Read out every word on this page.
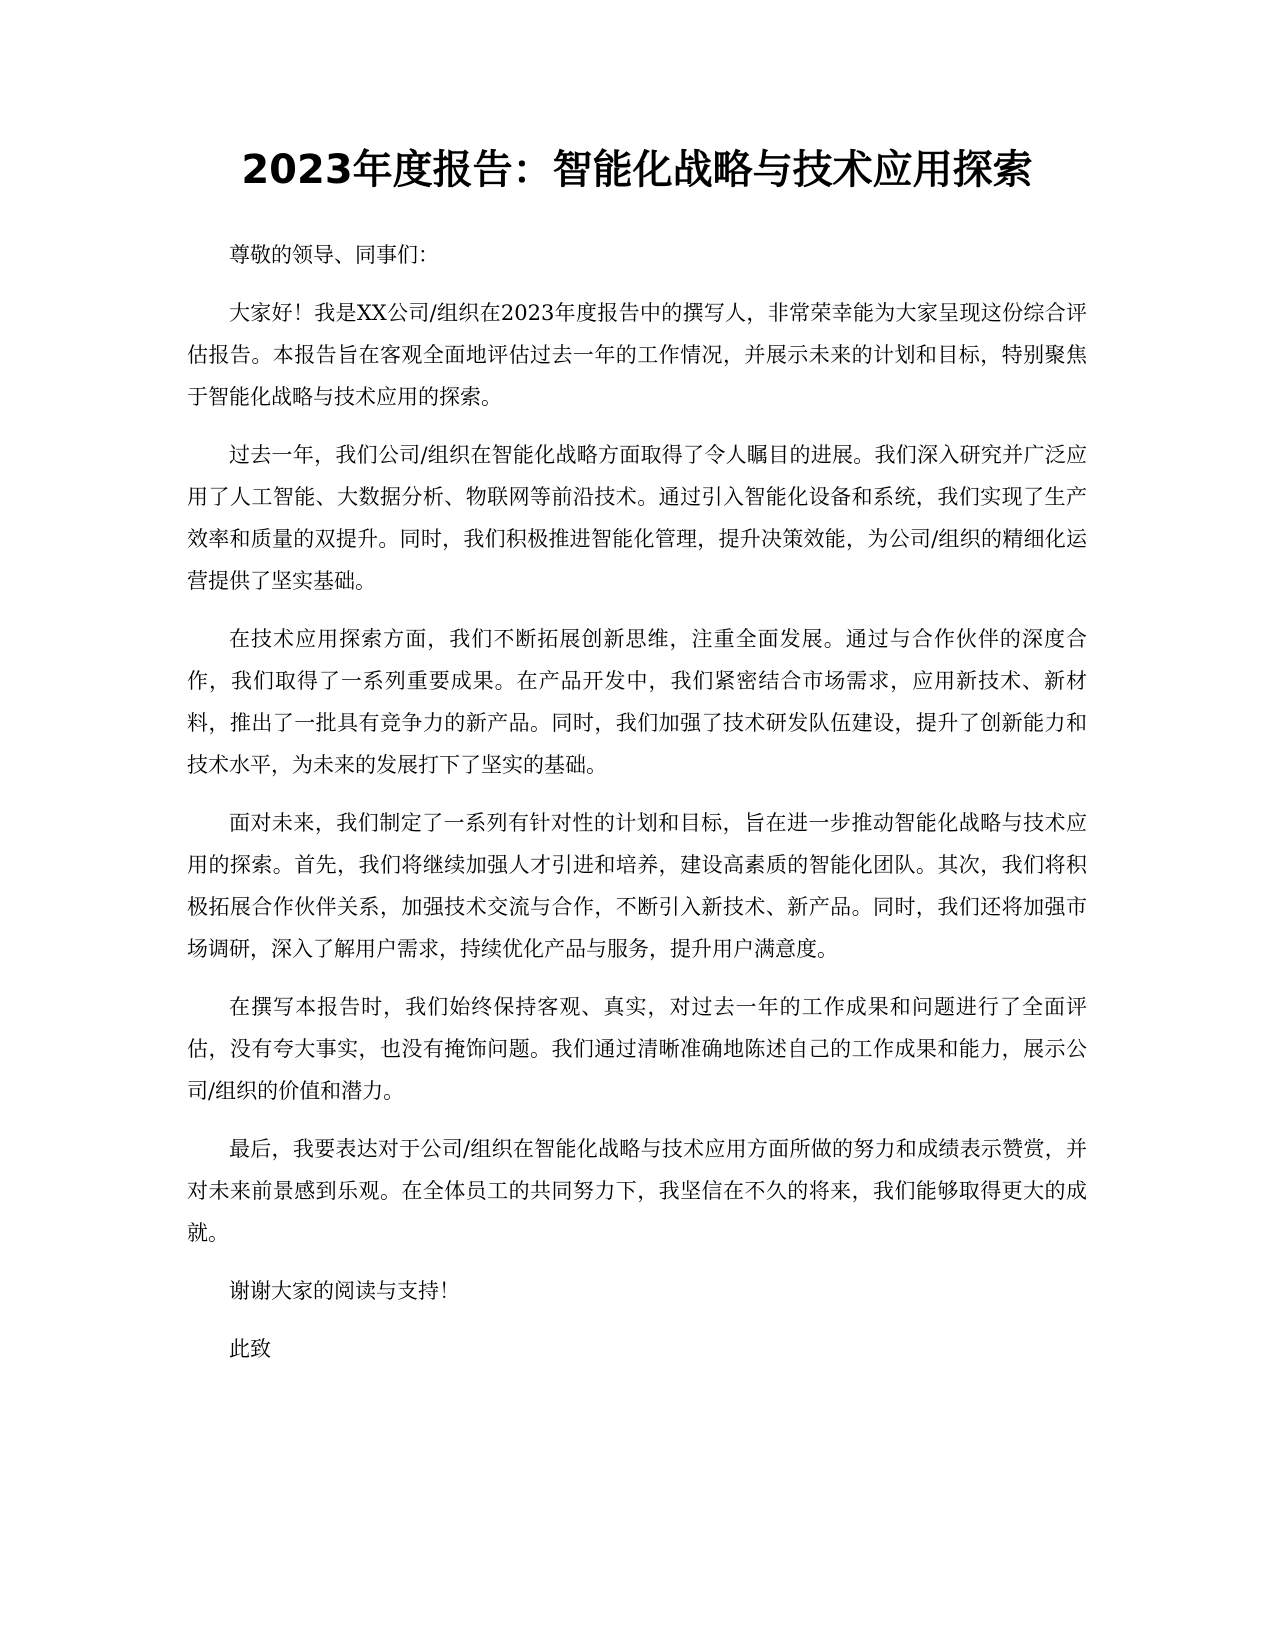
2023年度报告：智能化战略与技术应用探索

尊敬的领导、同事们：

大家好！我是XX公司/组织在2023年度报告中的撰写人，非常荣幸能为大家呈现这份综合评估报告。本报告旨在客观全面地评估过去一年的工作情况，并展示未来的计划和目标，特别聚焦于智能化战略与技术应用的探索。

过去一年，我们公司/组织在智能化战略方面取得了令人瞩目的进展。我们深入研究并广泛应用了人工智能、大数据分析、物联网等前沿技术。通过引入智能化设备和系统，我们实现了生产效率和质量的双提升。同时，我们积极推进智能化管理，提升决策效能，为公司/组织的精细化运营提供了坚实基础。

在技术应用探索方面，我们不断拓展创新思维，注重全面发展。通过与合作伙伴的深度合作，我们取得了一系列重要成果。在产品开发中，我们紧密结合市场需求，应用新技术、新材料，推出了一批具有竞争力的新产品。同时，我们加强了技术研发队伍建设，提升了创新能力和技术水平，为未来的发展打下了坚实的基础。

面对未来，我们制定了一系列有针对性的计划和目标，旨在进一步推动智能化战略与技术应用的探索。首先，我们将继续加强人才引进和培养，建设高素质的智能化团队。其次，我们将积极拓展合作伙伴关系，加强技术交流与合作，不断引入新技术、新产品。同时，我们还将加强市场调研，深入了解用户需求，持续优化产品与服务，提升用户满意度。

在撰写本报告时，我们始终保持客观、真实，对过去一年的工作成果和问题进行了全面评估，没有夸大事实，也没有掩饰问题。我们通过清晰准确地陈述自己的工作成果和能力，展示公司/组织的价值和潜力。

最后，我要表达对于公司/组织在智能化战略与技术应用方面所做的努力和成绩表示赞赏，并对未来前景感到乐观。在全体员工的共同努力下，我坚信在不久的将来，我们能够取得更大的成就。

谢谢大家的阅读与支持！

此致
